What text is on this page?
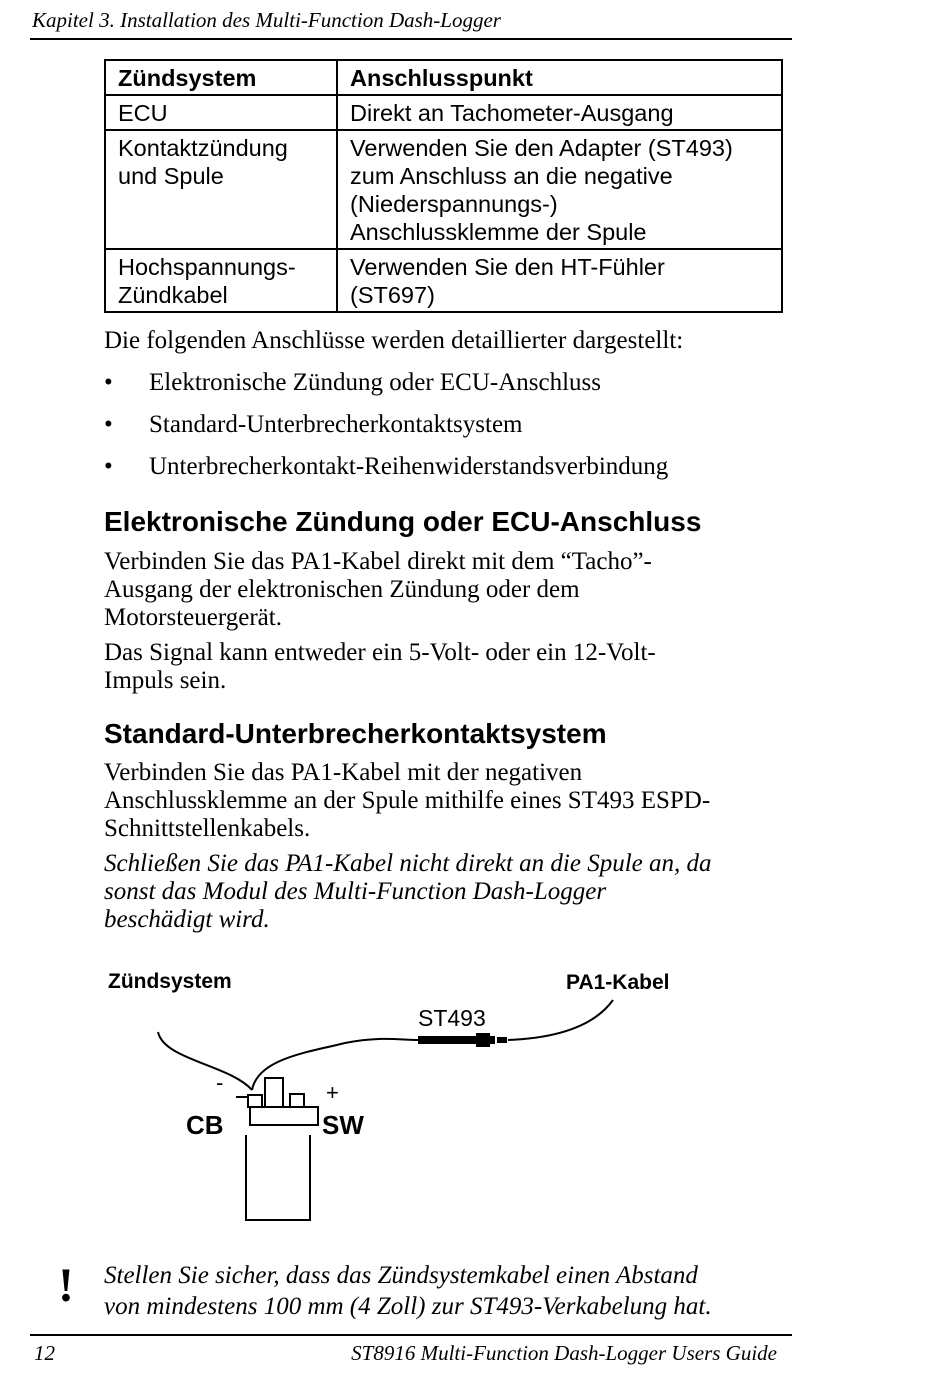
Kapitel 3. Installation des Multi-Function Dash-Logger
Zündsystem	Anschlusspunkt
ECU	Direkt an Tachometer-Ausgang
Kontaktzündung
und Spule	Verwenden Sie den Adapter (ST493)
zum Anschluss an die negative
(Niederspannungs-)
Anschlussklemme der Spule
Hochspannungs-
Zündkabel	Verwenden Sie den HT-Fühler
(ST697)

Die folgenden Anschlüsse werden detaillierter dargestellt:

• Elektronische Zündung oder ECU-Anschluss
• Standard-Unterbrecherkontaktsystem
• Unterbrecherkontakt-Reihenwiderstandsverbindung
Elektronische Zündung oder ECU-Anschluss

Verbinden Sie das PA1-Kabel direkt mit dem “Tacho”-
Ausgang der elektronischen Zündung oder dem
Motorsteuergerät.

Das Signal kann entweder ein 5-Volt- oder ein 12-Volt-
Impuls sein.

Standard-Unterbrecherkontaktsystem

Verbinden Sie das PA1-Kabel mit der negativen
Anschlussklemme an der Spule mithilfe eines ST493 ESPD-
Schnittstellenkabels.

Schließen Sie das PA1-Kabel nicht direkt an die Spule an, da
sonst das Modul des Multi-Function Dash-Logger
beschädigt wird.

Zündsystem	PA1-Kabel
ST493
-	+
CB	SW
! Stellen Sie sicher, dass das Zündsystemkabel einen Abstand
von mindestens 100 mm (4 Zoll) zur ST493-Verkabelung hat.

12	ST8916 Multi-Function Dash-Logger Users Guide
